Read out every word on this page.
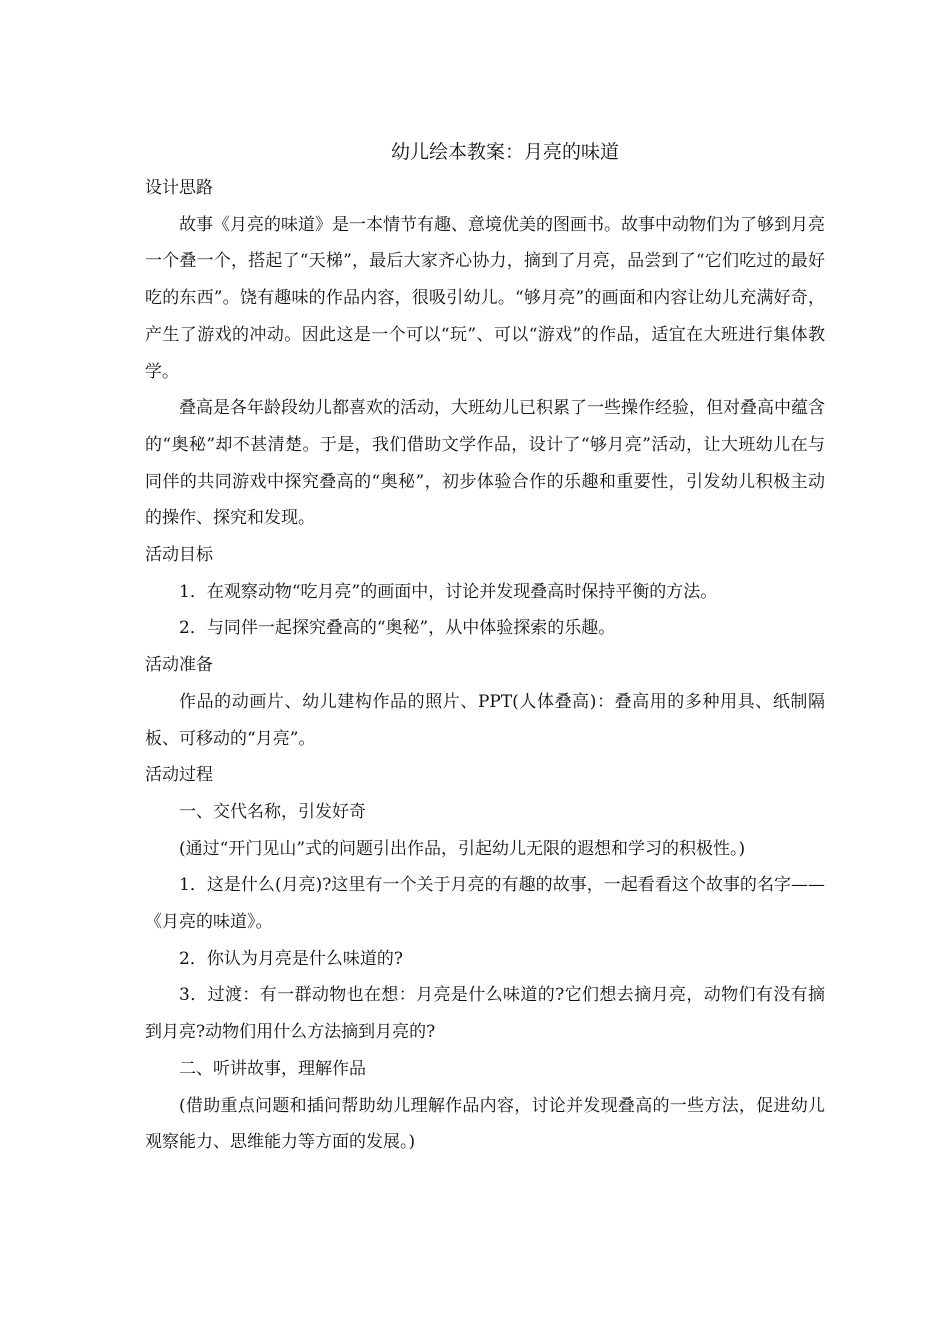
幼儿绘本教案：月亮的味道
设计思路

故事《月亮的味道》是一本情节有趣、意境优美的图画书。故事中动物们为了够到月亮一个叠一个，搭起了“天梯”，最后大家齐心协力，摘到了月亮，品尝到了“它们吃过的最好吃的东西”。饶有趣味的作品内容，很吸引幼儿。“够月亮”的画面和内容让幼儿充满好奇，产生了游戏的冲动。因此这是一个可以“玩”、可以“游戏”的作品，适宜在大班进行集体教学。

叠高是各年龄段幼儿都喜欢的活动，大班幼儿已积累了一些操作经验，但对叠高中蕴含的“奥秘”却不甚清楚。于是，我们借助文学作品，设计了“够月亮”活动，让大班幼儿在与同伴的共同游戏中探究叠高的“奥秘”，初步体验合作的乐趣和重要性，引发幼儿积极主动的操作、探究和发现。

活动目标

1．在观察动物“吃月亮”的画面中，讨论并发现叠高时保持平衡的方法。

2．与同伴一起探究叠高的“奥秘”，从中体验探索的乐趣。

活动准备

作品的动画片、幼儿建构作品的照片、PPT(人体叠高)：叠高用的多种用具、纸制隔板、可移动的“月亮”。

活动过程

一、交代名称，引发好奇

(通过“开门见山”式的问题引出作品，引起幼儿无限的遐想和学习的积极性。)

1．这是什么(月亮)?这里有一个关于月亮的有趣的故事，一起看看这个故事的名字——《月亮的味道》。

2．你认为月亮是什么味道的?

3．过渡：有一群动物也在想：月亮是什么味道的?它们想去摘月亮，动物们有没有摘到月亮?动物们用什么方法摘到月亮的?

二、听讲故事，理解作品

(借助重点问题和插问帮助幼儿理解作品内容，讨论并发现叠高的一些方法，促进幼儿观察能力、思维能力等方面的发展。)
